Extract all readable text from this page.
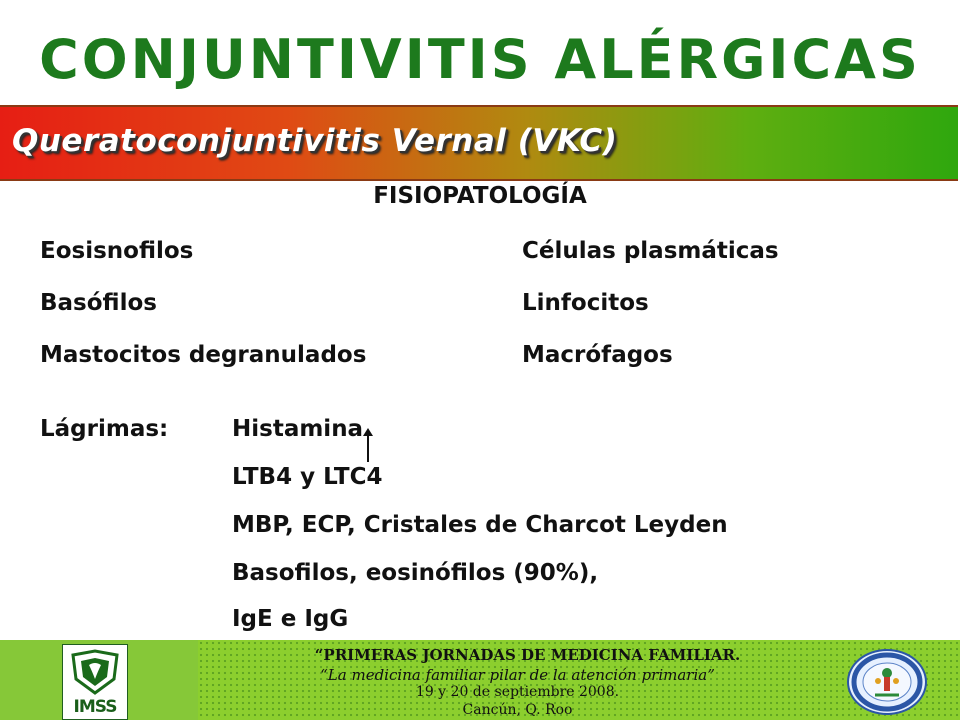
CONJUNTIVITIS ALÉRGICAS
Queratoconjuntivitis Vernal (VKC)
FISIOPATOLOGÍA
Eosisnofilos
Basófilos
Mastocitos degranulados
Células plasmáticas
Linfocitos
Macrófagos
Lágrimas:	Histamina
LTB4 y LTC4
MBP, ECP, Cristales de Charcot Leyden
Basofilos, eosinófilos (90%),
IgE e IgG
IMSS
“PRIMERAS JORNADAS DE MEDICINA FAMILIAR.
“La medicina familiar pilar de la atención primaria”
19 y 20 de septiembre 2008.
Cancún, Q. Roo
